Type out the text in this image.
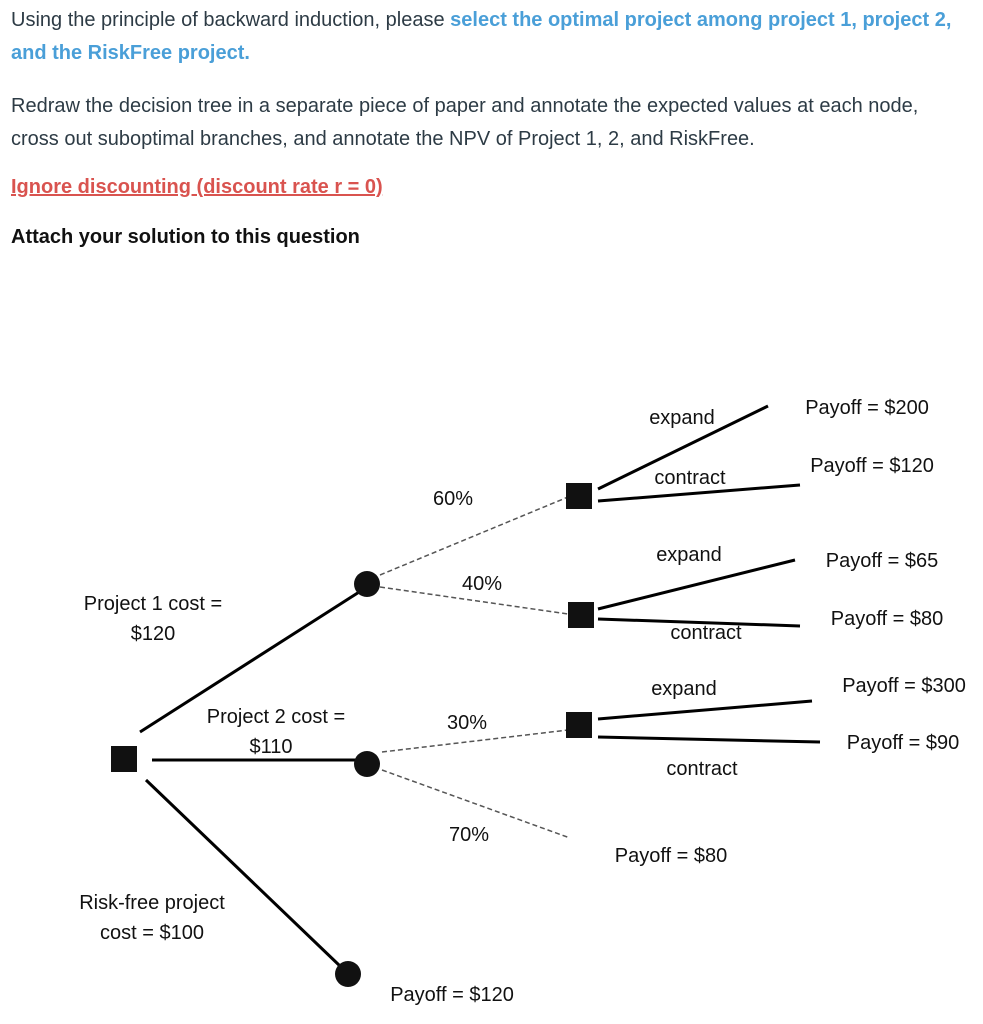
Using the principle of backward induction, please select the optimal project among project 1, project 2, and the RiskFree project.
Redraw the decision tree in a separate piece of paper and annotate the expected values at each node, cross out suboptimal branches, and annotate the NPV of Project 1, 2, and RiskFree.
Ignore discounting (discount rate r = 0)
Attach your solution to this question
Project 1 cost =
$120
Project 2 cost =
$110
Risk-free project
cost = $100
Payoff = $120
60%
40%
30%
70%
expand
contract
Payoff = $200
Payoff = $120
expand
contract
Payoff = $65
Payoff = $80
expand
contract
Payoff = $300
Payoff = $90
Payoff = $80
